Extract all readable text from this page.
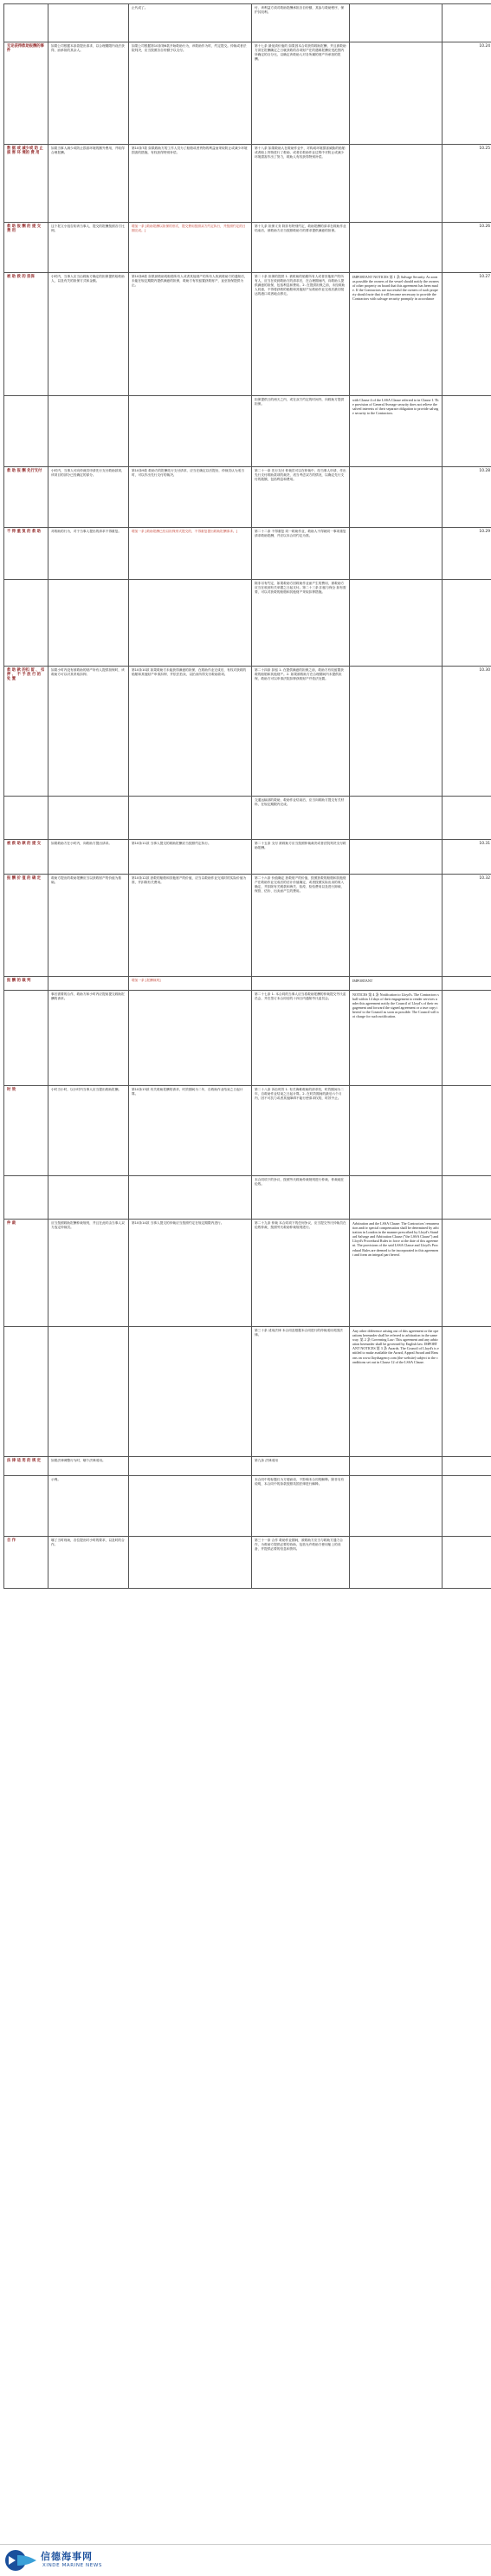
		止代成了。	付，该利益方须对救助报酬承担各自份额，其参与救助程序，保护其权利。		
无论获得救助报酬的事件	如果公司根据本条款提出请求，以合理期限内设法获得，而承担的其余人。	如果公司根据第10条第6款开始救助行为，该救助作为时，约定提交。仲裁或者法院判决，应当按照各自份额予以支付。	第十七条 最低须价值的 如果因本合同获得救助报酬，并且被救助方须在报酬确定之日就获救的各项财产在的遇难报酬应受范围内所确定的百分比，以确定该救助人对各所属的财产所承担的报酬。		10.24
数 据 或 减少或 防 止 损 害 环 境的 费 用	如果当事人减少或防止损害环境的额外费用，并取得合理报酬。	第10条7款 如果救助方的工作人员为了船舶或者货物的利益而采取防止或减少环境损害的措施，有权获得特别补偿。	第十八条 如果救助人在救助作业中，对构成环境损害威胁的船舶或者船上货物进行了救助，或者在救助作业过程中对防止或减少环境损害作出了努力，救助人有权获得特别补偿。		10.25
救 助 报 酬 的 提 交 费 用	这个报文小组告知该当事人，提交的报酬按照各方比例。	增加一条 [救助报酬以担保的形式，提交费用按照双方约定执行，并按照约定的日期完成。]	第十九条 担保义务 除非有特别约定，救助报酬的请求在救助作业结束后，被救助方应当按照救助方的要求提供满意的担保。		10.26
被 助 救 的 担保	小时内，当事人应当由救助方确定的担保提供给救助人，以及有关的担保方式和金额。	第10条8款 如果被救助的船舶所有人或者其他财产的所有人收到救助方的通知后，未能在规定期限内提供满意的担保，救助方有权留置获救财产，直至担保提供为止。	第二十条 担保的提供 1. 被救助的船舶所有人或者其他财产的所有人，应当在收到救助方的请求后，在合理期间内，向救助人提供满意的担保，包括利息和费用。2. 在提供担保之前，未经救助人同意，不得将获救的船舶和其他财产从救助作业完成后最初抵达的港口或者地点移走。	IMPORTANT NOTICES 第 1 条 Salvage Security. As soon as possible the owners of the vessel should notify the owners of other property on board that this agreement has been made. If the Contractors are successful the owners of such property should note that it will become necessary to provide the Contractors with salvage security promptly in accordance	10.27
			担保提供日的两天之内，或在双方约定的时间内，向救助方提供担保。	with Clause 4 of the LSSA Clause referred to in Clause I. The provision of General Average security does not relieve the salved interests of their separate obligation to provide salvage security to the Contractors.	
救 助 报 酬 先行支付	小时内，当事人可向仲裁员申请先行支付救助款项，该项目的部分已经确定的部分。	第10条9款 救助方的报酬先行支付请求，应当在确定以后提出，仲裁员认为适当时，可以作出先行支付的裁决。	第二十一条 先行支付 仲裁员可以在仲裁中，经当事人申请，作出先行支付救助款项的裁决，适当考虑双方的情况，以确定先行支付的数额，包括利息和费用。		10.28
不 得 重 复 的 救 助	对救助的行为，对于当事人提出的请求不得重复。	增加一条 [救助报酬已经以担保形式提交的，不得重复提出救助报酬请求。]	第二十二条 不得重复 同一救助作业，救助人不得就同一事项重复请求救助报酬，并应以本合同约定为准。		10.29
			除非另有约定，如果救助方因救助作业而产生的费用，被救助方应当在收到有关单据之日起支付。第二十三条 扣留与保全 如有需要，可以对获救的船舶和其他财产采取扣押措施。		
救 助 款 的扣 留 、 扣押 、 不 予 放 行 的 处 置	如果小时内没有被救助的财产所有人提供担保时，该救助方可以对其采取扣押。	第10条10款 如果救助方未能获得满意的担保，在救助作业完成后，有权对获救的船舶和其他财产申请扣押，并依法拍卖，以拍卖所得支付救助款项。	第二十四条 扣留 1. 在提供满意的担保之前，救助方有权留置获救的船舶和其他财产。2. 如果被救助方在合理期间内未提供担保，救助方可以申请法院扣押获救财产并依法处置。		10.30
			交通运输部的救助，救助作业结束后，应当向救助方提交有关材料，在规定期限内完成。		
被 救 助 款 的 提 交	如果救助方在小时内，向救助方提出请求。	第10条11款 当事人提交的救助报酬应当按照约定执行。	第二十五条 支付 被救助方应当按照仲裁裁决或者法院判决支付救助报酬。		10.31
报 酬 价 值 的 确 定	救助方提出的救助报酬应当以获救财产的价值为基础。	第10条12款 获救的船舶和其他财产的价值，应当以救助作业完成时的实际价值为准，并扣除有关费用。	第二十六条 价值确定 获救财产的价值，按照获救的船舶和其他财产在救助作业完成后的估计价值确定，或者按照实际出卖的收入确定，并扣除有关税款和海关、检疫、检验费用以及进行卸载、保管、估价、出卖而产生的费用。		10.32
报 酬 的 裁 判		增加一条 [报酬裁判]		IMPORTANT	
	事后需要的合作，救助方和小时内应提前提交救助报酬的请求。		第二十七条 1. 本合同的当事人应当将救助报酬的仲裁提交劳氏委员会，并在签订本合同后的十四日内通知劳氏委员会。	NOTICES 第 4 条 Notification to Lloyd's. The Contractors shall within 14 days of their engagement to render services under this agreement notify the Council of Lloyd's of their engagement and forward the signed agreement or a true copy thereof to the Council as soon as possible. The Council will not charge for such notification.	
时 效	小时当小时，以小时内当事人应当提出救助报酬。	第10条13款 有关救助报酬的请求，时效期间为二年，自救助作业结束之日起计算。	第二十八条 诉讼时效 1. 有关海难救助的请求权，时效期间为二年，自救助作业结束之日起计算。2. 在时效期间的最后六个月内，因不可抗力或者其他障碍不能行使请求权的，时效中止。		
			本合同项下的争议，按照劳氏救助仲裁规则进行仲裁，仲裁地在伦敦。		
仲 裁	应当按照救助报酬仲裁规则，并且在此时由当事人双方选定仲裁员。	第10条14款 当事人提交的仲裁应当按照约定在规定期限内进行。	第二十九条 仲裁 本合同项下的任何争议，应当提交劳氏仲裁员在伦敦仲裁，按照劳氏救助仲裁规则进行。	Arbitration and the LSSA Clause: The Contractors' remuneration and/or special compensation shall be determined by arbitration in London in the manner prescribed by Lloyd's Standard Salvage and Arbitration Clause ("the LSSA Clause") and Lloyd's Procedural Rules in force at the date of this agreement. The provisions of the said LSSA Clause and Lloyd's Procedural Rules are deemed to be incorporated in this agreement and form an integral part hereof.	
			第三十条 适用法律 本合同及根据本合同进行的仲裁适用英国法律。	Any other difference arising out of this agreement or the operations hereunder shall be referred to arbitration in the same way. 第 2 条 Governing Law: This agreement and any arbitration hereunder shall be governed by English law. IMPORTANT NOTICES 第 3 条 Awards. The Council of Lloyd's is entitled to make available the Award, Appeal Award and Reasons on www.lloydsagency.com (the website) subject to the conditions set out in Clause 12 of the LSSA Clause.	
法 律 适 用 的 规 定	如果法律调整行为时，哪个法律适用。		第九条 法律适用		
	示例。		本合同中的标题仅为方便而设，不影响本合同的解释。除非另有说明，本合同中的条款按照英国法律进行解释。		
合 作	哪了当时现场，各位提出时小时的要求，以及时的合作。		第三十一条 合作 救助作业期间，被救助方应当与救助方通力合作，为救助方提供必要的协助，包括允许救助方使用船上的设备，并提供必要的信息和资料。		
信德海事网
XINDE MARINE NEWS
